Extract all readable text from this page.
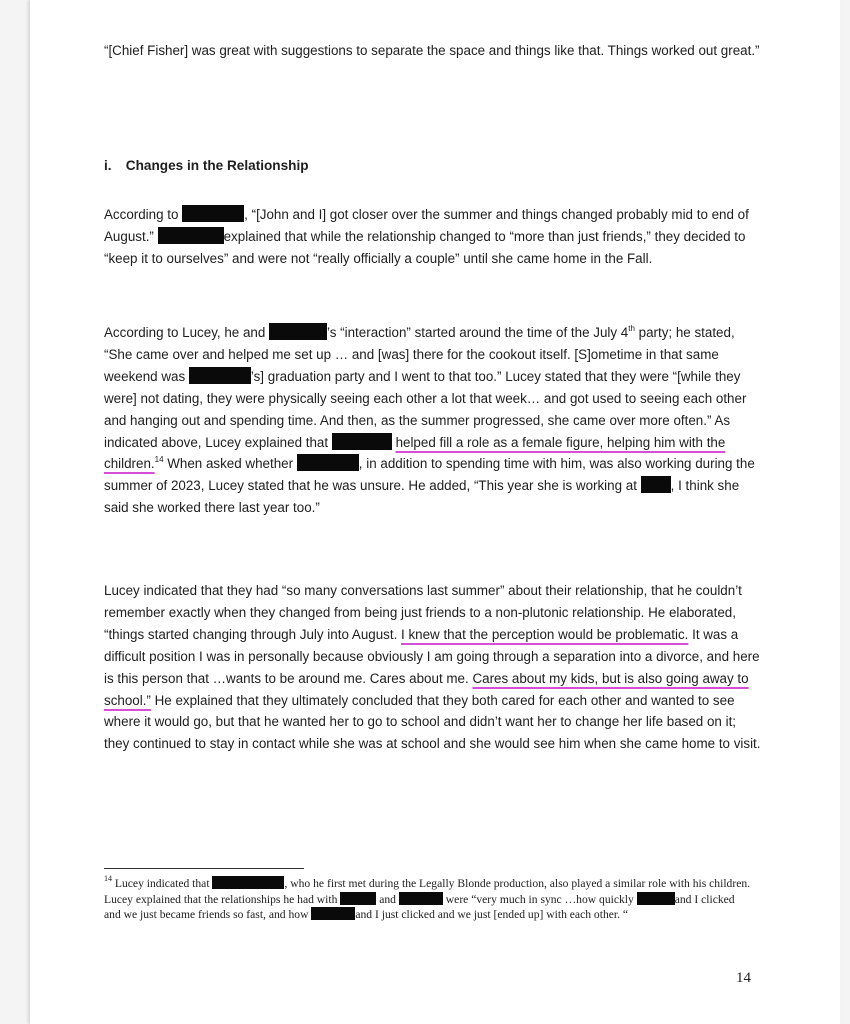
“[Chief Fisher] was great with suggestions to separate the space and things like that. Things worked out great.”

i. Changes in the Relationship

According to	, “[John and I] got closer over the summer and things changed probably mid to end of August.”	explained that while the relationship changed to “more than just friends,” they decided to “keep it to ourselves” and were not “really officially a couple” until she came home in the Fall.

According to Lucey, he and	’s “interaction” started around the time of the July 4th party; he stated, “She came over and helped me set up … and [was] there for the cookout itself. [S]ometime in that same weekend was	’s] graduation party and I went to that too.” Lucey stated that they were “[while they were] not dating, they were physically seeing each other a lot that week… and got used to seeing each other and hanging out and spending time. And then, as the summer progressed, she came over more often.” As indicated above, Lucey explained that	helped fill a role as a female figure, helping him with the children.$^{14}$ When asked whether	, in addition to spending time with him, was also working during the summer of 2023, Lucey stated that he was unsure. He added, “This year she is working at	, I think she said she worked there last year too.”

Lucey indicated that they had “so many conversations last summer” about their relationship, that he couldn’t remember exactly when they changed from being just friends to a non-plutonic relationship. He elaborated, “things started changing through July into August. I knew that the perception would be problematic. It was a difficult position I was in personally because obviously I am going through a separation into a divorce, and here is this person that …wants to be around me. Cares about me. Cares about my kids, but is also going away to school.” He explained that they ultimately concluded that they both cared for each other and wanted to see where it would go, but that he wanted her to go to school and didn’t want her to change her life based on it; they continued to stay in contact while she was at school and she would see him when she came home to visit.

$^{14}$ Lucey indicated that	, who he first met during the Legally Blonde production, also played a similar role with his children. Lucey explained that the relationships he had with	and	were “very much in sync …how quickly	and I clicked and we just became friends so fast, and how	and I just clicked and we just [ended up] with each other. “

14
